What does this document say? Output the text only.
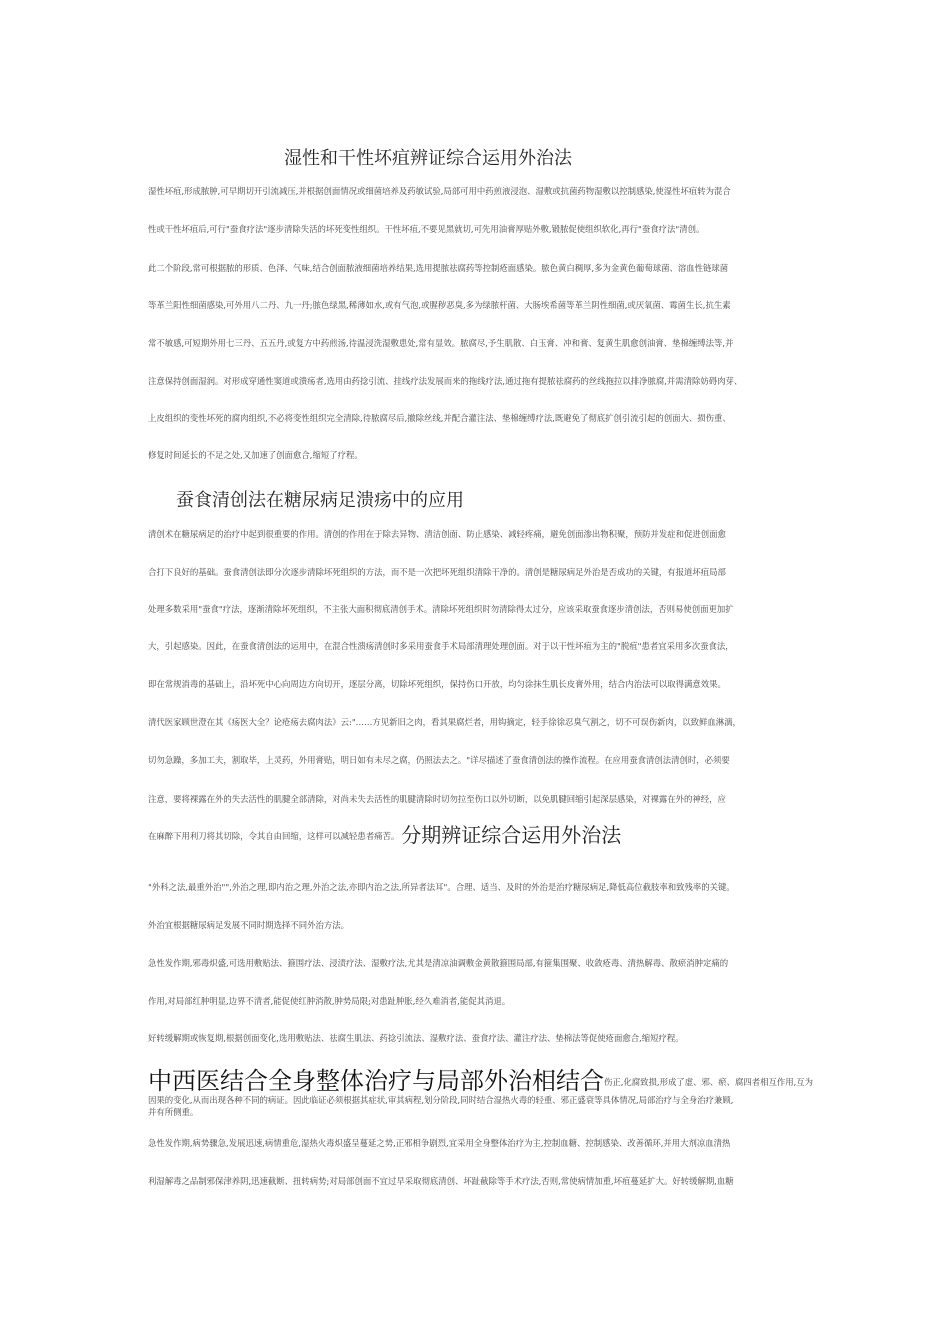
湿性和干性坏疽辨证综合运用外治法
湿性坏疽,形成脓肿,可早期切开引流减压,并根据创面情况或细菌培养及药敏试验,局部可用中药煎液浸泡、湿敷或抗菌药物湿敷以控制感染,使湿性坏疽转为混合
性或干性坏疽后,可行"蚕食疗法"逐步清除失活的坏死变性组织。干性坏疽,不要见黑就切,可先用油膏厚贴外敷,锻脓促使组织软化,再行"蚕食疗法"清创。
此二个阶段,常可根据脓的形质、色泽、气味,结合创面脓液细菌培养结果,选用提脓祛腐药等控制疮面感染。脓色黄白稠厚,多为金黄色葡萄球菌、溶血性链球菌
等革兰阳性细菌感染,可外用八二丹、九一丹;脓色绿黑,稀薄如水,或有气泡,或腥秽恶臭,多为绿脓杆菌、大肠埃希菌等革兰阴性细菌,或厌氧菌、霉菌生长,抗生素
常不敏感,可短期外用七三丹、五五丹,或复方中药煎汤,待温浸洗湿敷患处,常有显效。脓腐尽,予生肌散、白玉膏、冲和膏、复黄生肌愈创油膏、垫棉缠缚法等,并
注意保持创面湿润。对形成穿通性窦道或溃疡者,选用由药捻引流、挂线疗法发展而来的拖线疗法,通过拖有提脓祛腐药的丝线拖拉以排净脓腐,并需清除妨碍肉芽、
上皮组织的变性坏死的腐肉组织,不必将变性组织完全清除,待脓腐尽后,撤除丝线,并配合灌注法、垫棉缠缚疗法,既避免了彻底扩创引流引起的创面大、损伤重、
修复时间延长的不足之处,又加速了创面愈合,缩短了疗程。
蚕食清创法在糖尿病足溃疡中的应用
清创术在糖尿病足的治疗中起到很重要的作用。清创的作用在于除去异物、清洁创面、防止感染、减轻疼痛，避免创面渗出物积聚，预防并发症和促进创面愈
合打下良好的基础。蚕食清创法即分次逐步清除坏死组织的方法，而不是一次把坏死组织清除干净的。清创是糖尿病足外治是否成功的关键，有报道坏疽局部
处理多数采用"蚕食"疗法，逐渐清除坏死组织，不主张大面积彻底清创手术。清除坏死组织时勿清除得太过分，应该采取蚕食逐步清创法，否则易使创面更加扩
大，引起感染。因此，在蚕食清创法的运用中，在混合性溃疡清创时多采用蚕食手术局部清理处理创面。对于以干性坏疽为主的"脱疽"患者宜采用多次蚕食法，
即在常规消毒的基础上，沿坏死中心向周边方向切开，逐层分离，切除坏死组织，保持伤口开放，均匀涂抹生肌长皮膏外用，结合内治法可以取得满意效果。
清代医家顾世澄在其《疡医大全？论疮疡去腐肉法》云:"……方见新旧之肉，看其果腐烂者，用钩摘定，轻手徐徐忍臭气割之，切不可误伤新肉，以致鲜血淋漓，
切勿急躁，多加工夫，割取毕，上灵药，外用膏贴，明日如有未尽之腐，仍照法去之。"详尽描述了蚕食清创法的操作流程。在应用蚕食清创法清创时，必须要
注意，要将裸露在外的失去活性的肌腱全部清除，对尚未失去活性的肌腱清除时切勿拉至伤口以外切断，以免肌腱回缩引起深层感染，对裸露在外的神经，应
在麻醉下用利刀将其切除，令其自由回缩，这样可以减轻患者痛苦。 分期辨证综合运用外治法
"外科之法,最重外治"",外治之理,即内治之理,外治之法,亦即内治之法,所异者法耳"。合理、适当、及时的外治是治疗糖尿病足,降低高位截肢率和致残率的关键。
外治宜根据糖尿病足发展不同时期选择不同外治方法。
急性发作期,邪毒炽盛,可选用敷贴法、箍围疗法、浸渍疗法、湿敷疗法,尤其是清凉油调敷金黄散箍围局部,有箍集围聚、收敛疮毒、清热解毒、散瘀消肿定痛的
作用,对局部红肿明显,边界不清者,能促使红肿消散,肿势局限;对患趾肿胀,经久难消者,能促其消退。
好转缓解期或恢复期,根据创面变化,选用敷贴法、祛腐生肌法、药捻引流法、湿敷疗法、蚕食疗法、灌注疗法、垫棉法等促使疮面愈合,缩短疗程。
中西医结合全身整体治疗与局部外治相结合伤正,化腐致损,形成了虚、邪、瘀、腐四者相互作用,互为
因果的变化,从而出现各种不同的病证。因此临证必须根据其症状,审其病程,划分阶段,同时结合湿热火毒的轻重、邪正盛衰等具体情况,局部治疗与全身治疗兼顾,
并有所侧重。
急性发作期,病势骤急,发展迅速,病情重危,湿热火毒炽盛呈蔓延之势,正邪相争剧烈,宜采用全身整体治疗为主,控制血糖、控制感染、改善循环,并用大剂凉血清热
利湿解毒之品制邪保津养阴,迅速截断、扭转病势;对局部创面不宜过早采取彻底清创、坏趾截除等手术疗法,否则,常使病情加重,坏疽蔓延扩大。好转缓解期,血糖
